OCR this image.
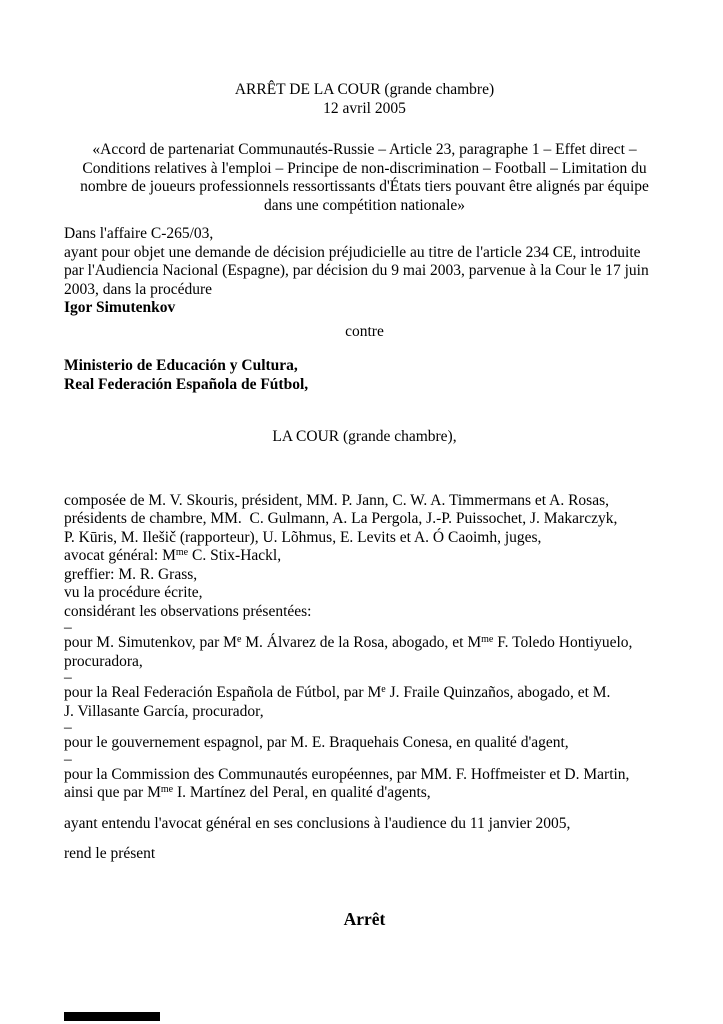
ARRÊT DE LA COUR (grande chambre)
12 avril 2005
«Accord de partenariat Communautés-Russie – Article 23, paragraphe 1 – Effet direct –
Conditions relatives à l'emploi – Principe de non-discrimination – Football – Limitation du
nombre de joueurs professionnels ressortissants d'États tiers pouvant être alignés par équipe
dans une compétition nationale»
Dans l'affaire C-265/03,
ayant pour objet une demande de décision préjudicielle au titre de l'article 234 CE, introduite
par l'Audiencia Nacional (Espagne), par décision du 9 mai 2003, parvenue à la Cour le 17 juin
2003, dans la procédure
Igor Simutenkov
contre
Ministerio de Educación y Cultura,
Real Federación Española de Fútbol,
LA COUR (grande chambre),
composée de M. V. Skouris, président, MM. P. Jann, C. W. A. Timmermans et A. Rosas,
présidents de chambre, MM.  C. Gulmann, A. La Pergola, J.-P. Puissochet, J. Makarczyk,
P. Kūris, M. Ilešič (rapporteur), U. Lõhmus, E. Levits et A. Ó Caoimh, juges,
avocat général: $M^{me}$ C. Stix-Hackl,
greffier: M. R. Grass,
vu la procédure écrite,
considérant les observations présentées:
–
pour M. Simutenkov, par Me M. Álvarez de la Rosa, abogado, et $M^{me}$ F. Toledo Hontiyuelo,
procuradora,
–
pour la Real Federación Española de Fútbol, par Me J. Fraile Quinzaños, abogado, et M.
J. Villasante García, procurador,
–
pour le gouvernement espagnol, par M. E. Braquehais Conesa, en qualité d'agent,
–
pour la Commission des Communautés européennes, par MM. F. Hoffmeister et D. Martin,
ainsi que par $M^{me}$ I. Martínez del Peral, en qualité d'agents,
ayant entendu l'avocat général en ses conclusions à l'audience du 11 janvier 2005,
rend le présent
Arrêt
